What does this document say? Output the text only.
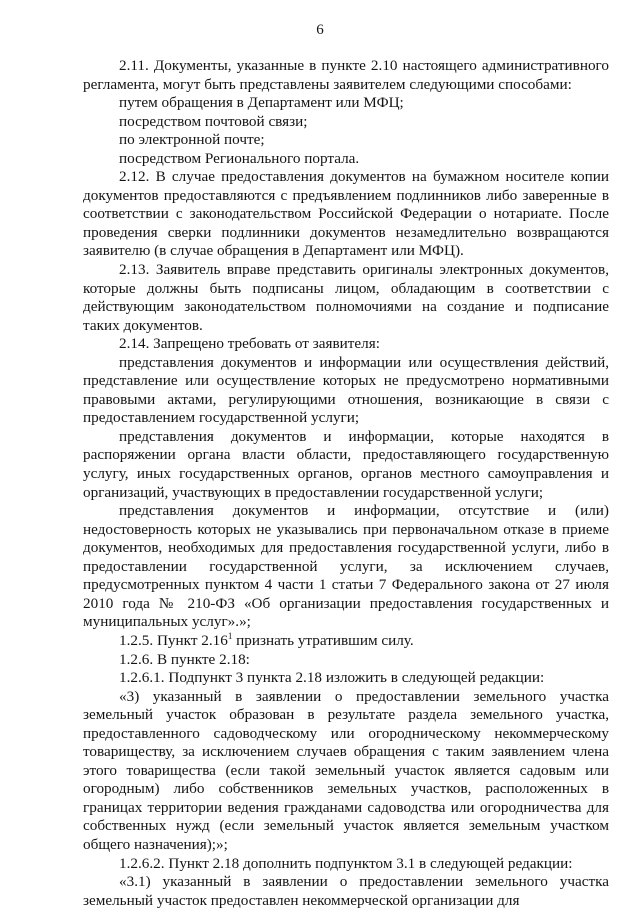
6

2.11. Документы, указанные в пункте 2.10 настоящего административного регламента, могут быть представлены заявителем следующими способами:

путем обращения в Департамент или МФЦ;

посредством почтовой связи;

по электронной почте;

посредством Регионального портала.

2.12. В случае предоставления документов на бумажном носителе копии документов предоставляются с предъявлением подлинников либо заверенные в соответствии с законодательством Российской Федерации о нотариате. После проведения сверки подлинники документов незамедлительно возвращаются заявителю (в случае обращения в Департамент или МФЦ).

2.13. Заявитель вправе представить оригиналы электронных документов, которые должны быть подписаны лицом, обладающим в соответствии с действующим законодательством полномочиями на создание и подписание таких документов.

2.14. Запрещено требовать от заявителя:

представления документов и информации или осуществления действий, представление или осуществление которых не предусмотрено нормативными правовыми актами, регулирующими отношения, возникающие в связи с предоставлением государственной услуги;

представления документов и информации, которые находятся в распоряжении органа власти области, предоставляющего государственную услугу, иных государственных органов, органов местного самоуправления и организаций, участвующих в предоставлении государственной услуги;

представления документов и информации, отсутствие и (или) недостоверность которых не указывались при первоначальном отказе в приеме документов, необходимых для предоставления государственной услуги, либо в предоставлении государственной услуги, за исключением случаев, предусмотренных пунктом 4 части 1 статьи 7 Федерального закона от 27 июля 2010 года № 210-ФЗ «Об организации предоставления государственных и муниципальных услуг».»;

1.2.5. Пункт 2.16$^1$ признать утратившим силу.

1.2.6. В пункте 2.18:

1.2.6.1. Подпункт 3 пункта 2.18 изложить в следующей редакции:

«3) указанный в заявлении о предоставлении земельного участка земельный участок образован в результате раздела земельного участка, предоставленного садоводческому или огородническому некоммерческому товариществу, за исключением случаев обращения с таким заявлением члена этого товарищества (если такой земельный участок является садовым или огородным) либо собственников земельных участков, расположенных в границах территории ведения гражданами садоводства или огородничества для собственных нужд (если земельный участок является земельным участком общего назначения);»;

1.2.6.2. Пункт 2.18 дополнить подпунктом 3.1 в следующей редакции:

«3.1) указанный в заявлении о предоставлении земельного участка земельный участок предоставлен некоммерческой организации для
